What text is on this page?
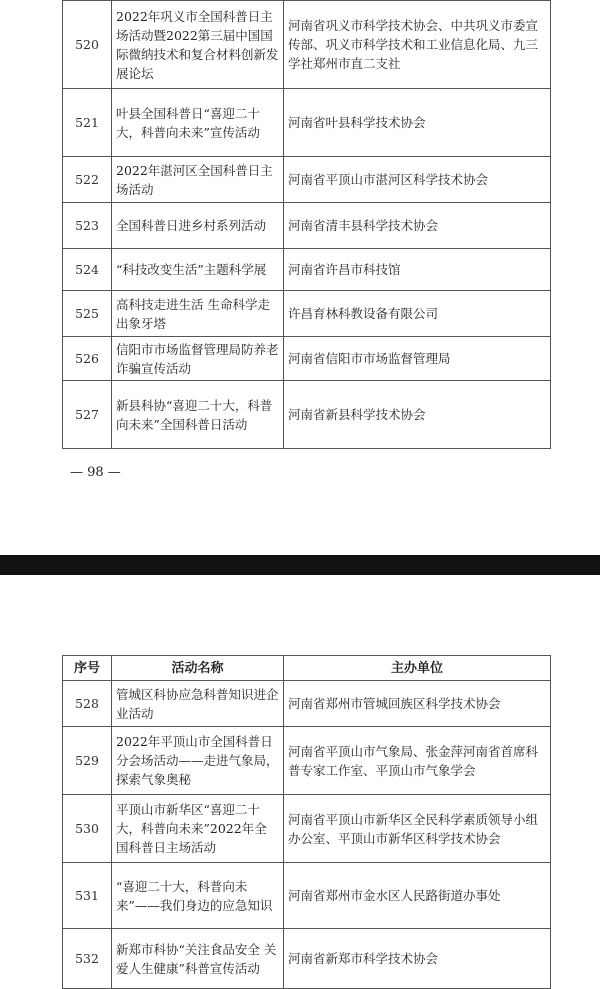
520	2022年巩义市全国科普日主场活动暨2022第三届中国国际微纳技术和复合材料创新发展论坛	河南省巩义市科学技术协会、中共巩义市委宣传部、巩义市科学技术和工业信息化局、九三学社郑州市直二支社
521	叶县全国科普日“喜迎二十大，科普向未来”宣传活动	河南省叶县科学技术协会
522	2022年湛河区全国科普日主场活动	河南省平顶山市湛河区科学技术协会
523	全国科普日进乡村系列活动	河南省清丰县科学技术协会
524	“科技改变生活”主题科学展	河南省许昌市科技馆
525	高科技走进生活 生命科学走出象牙塔	许昌育林科教设备有限公司
526	信阳市市场监督管理局防养老诈骗宣传活动	河南省信阳市市场监督管理局
527	新县科协“喜迎二十大，科普向未来”全国科普日活动	河南省新县科学技术协会
— 98 —
序号	活动名称	主办单位
528	管城区科协应急科普知识进企业活动	河南省郑州市管城回族区科学技术协会
529	2022年平顶山市全国科普日分会场活动——走进气象局，探索气象奥秘	河南省平顶山市气象局、张金萍河南省首席科普专家工作室、平顶山市气象学会
530	平顶山市新华区“喜迎二十大，科普向未来”2022年全国科普日主场活动	河南省平顶山市新华区全民科学素质领导小组办公室、平顶山市新华区科学技术协会
531	“喜迎二十大，科普向未来”——我们身边的应急知识	河南省郑州市金水区人民路街道办事处
532	新郑市科协“关注食品安全 关爱人生健康”科普宣传活动	河南省新郑市科学技术协会
